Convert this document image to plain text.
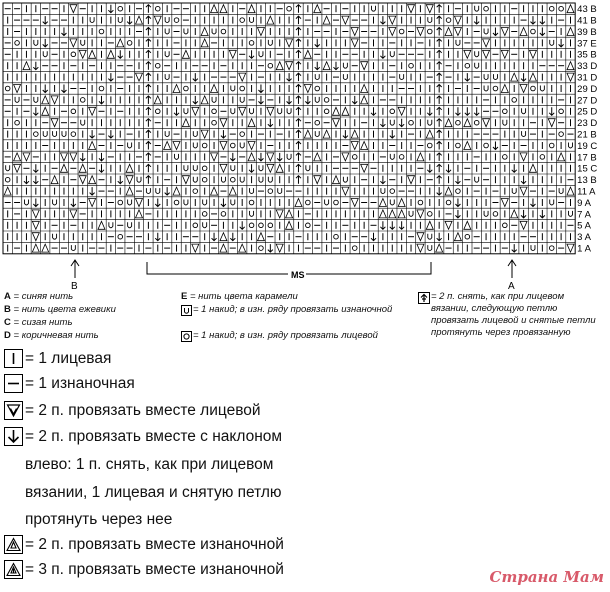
43 B
41 B
39 B
37 E
35 B
33 D
31 D
29 D
27 D
25 D
23 D
21 B
19 C
17 B
15 C
13 B
11 A
9 A
7 A
5 A
3 A
1 A
MS
B	A
A = синяя нить
B = нить цвета ежевики
C = сизая нить
D = коричневая нить
E = нить цвета карамели
= 1 накид; в изн. ряду провязать изнаночной
= 1 накид; в изн. ряду провязать лицевой
= 2 п. снять, как при лицевом вязании, следующую петлю провязать лицевой и снятые петли протянуть через провязанную
= 1 лицевая
= 1 изнаночная
= 2 п. провязать вместе лицевой
= 2 п. провязать вместе с наклоном
влево: 1 п. снять, как при лицевом
вязании, 1 лицевая и снятую петлю
протянуть через нее
= 2 п. провязать вместе изнаночной
= 3 п. провязать вместе изнаночной	Страна Мам
